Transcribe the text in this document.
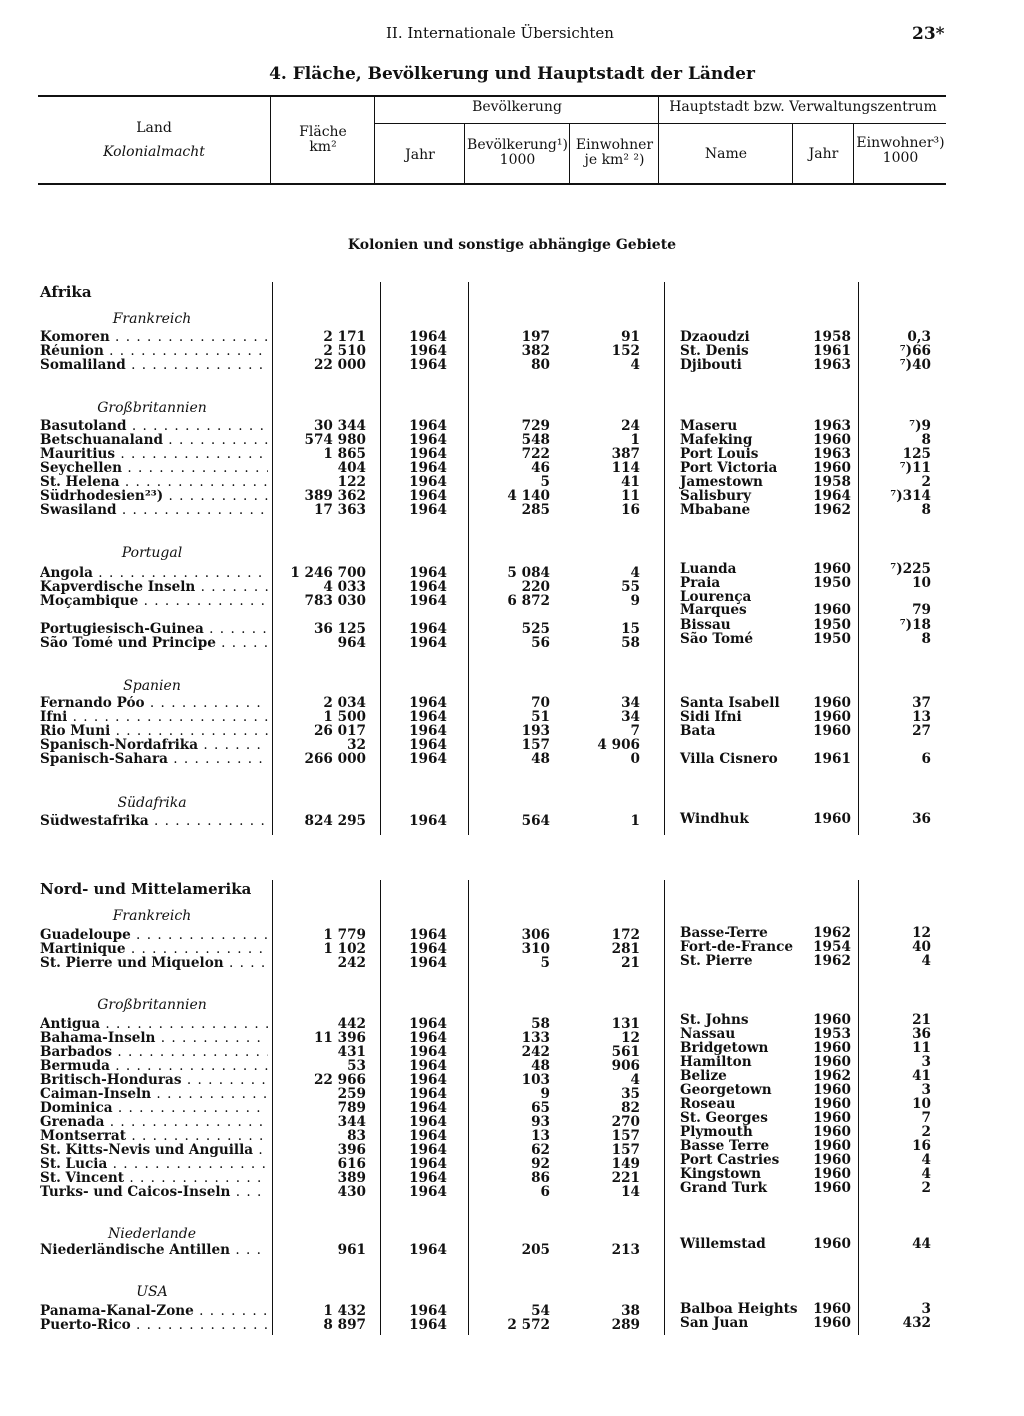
II. Internationale Übersichten	23*
4. Fläche, Bevölkerung und Hauptstadt der Länder
Land
Kolonialmacht
Fläche
km²
Bevölkerung
Jahr
Bevölkerung¹)
1000
Einwohner
je km² ²)
Hauptstadt bzw. Verwaltungszentrum
Name	Jahr
Einwohner³)
1000
Kolonien und sonstige abhängige Gebiete
Afrika
Nord- und Mittelamerika
Frankreich
Komoren . . .	2 171	1964	197	91	Dzaoudzi	1958	0,3
Réunion . . .	2 510	1964	382	152	St. Denis	1961	⁷)66
Somaliland . . .	22 000	1964	80	4	Djibouti	1963	⁷)40
Großbritannien
Basutoland . . .	30 344	1964	729	24	Maseru	1963	⁷)9
Betschuanaland . . .	574 980	1964	548	1	Mafeking	1960	8
Mauritius . . .	1 865	1964	722	387	Port Louis	1963	125
Seychellen . . .	404	1964	46	114	Port Victoria	1960	⁷)11
St. Helena . . .	122	1964	5	41	Jamestown	1958	2
Südrhodesien²³) . . .	389 362	1964	4 140	11	Salisbury	1964	⁷)314
Swasiland . . .	17 363	1964	285	16	Mbabane	1962	8
Portugal
Angola . . .	1 246 700	1964	5 084	4	Luanda	1960	⁷)225
Kapverdische Inseln . . .	4 033	1964	220	55	Praia	1950	10
Moçambique . . .	783 030	1964	6 872	9	Lourença
Marques	1960	79
Portugiesisch-Guinea . . .	36 125	1964	525	15	Bissau	1950	⁷)18
São Tomé und Principe . . .	964	1964	56	58	São Tomé	1950	8
Spanien
Fernando Póo . . .	2 034	1964	70	34	Santa Isabell	1960	37
Ifni . . .	1 500	1964	51	34	Sidi Ifni	1960	13
Rio Muni . . .	26 017	1964	193	7	Bata	1960	27
Spanisch-Nordafrika . . .	32	1964	157	4 906
Spanisch-Sahara . . .	266 000	1964	48	0	Villa Cisnero	1961	6
Südafrika
Südwestafrika . . .	824 295	1964	564	1	Windhuk	1960	36
Frankreich
Guadeloupe . . .	1 779	1964	306	172	Basse-Terre	1962	12
Martinique . . .	1 102	1964	310	281	Fort-de-France	1954	40
St. Pierre und Miquelon . . .	242	1964	5	21	St. Pierre	1962	4
Großbritannien
Antigua . . .	442	1964	58	131	St. Johns	1960	21
Bahama-Inseln . . .	11 396	1964	133	12	Nassau	1953	36
Barbados . . .	431	1964	242	561	Bridgetown	1960	11
Bermuda . . .	53	1964	48	906	Hamilton	1960	3
Britisch-Honduras . . .	22 966	1964	103	4	Belize	1962	41
Caiman-Inseln . . .	259	1964	9	35	Georgetown	1960	3
Dominica . . .	789	1964	65	82	Roseau	1960	10
Grenada . . .	344	1964	93	270	St. Georges	1960	7
Montserrat . . .	83	1964	13	157	Plymouth	1960	2
St. Kitts-Nevis und Anguilla . . .	396	1964	62	157	Basse Terre	1960	16
St. Lucia . . .	616	1964	92	149	Port Castries	1960	4
St. Vincent . . .	389	1964	86	221	Kingstown	1960	4
Turks- und Caicos-Inseln . . .	430	1964	6	14	Grand Turk	1960	2
Niederlande
Niederländische Antillen . . .	961	1964	205	213	Willemstad	1960	44
USA
Panama-Kanal-Zone . . .	1 432	1964	54	38	Balboa Heights	1960	3
Puerto-Rico . . .	8 897	1964	2 572	289	San Juan	1960	432
